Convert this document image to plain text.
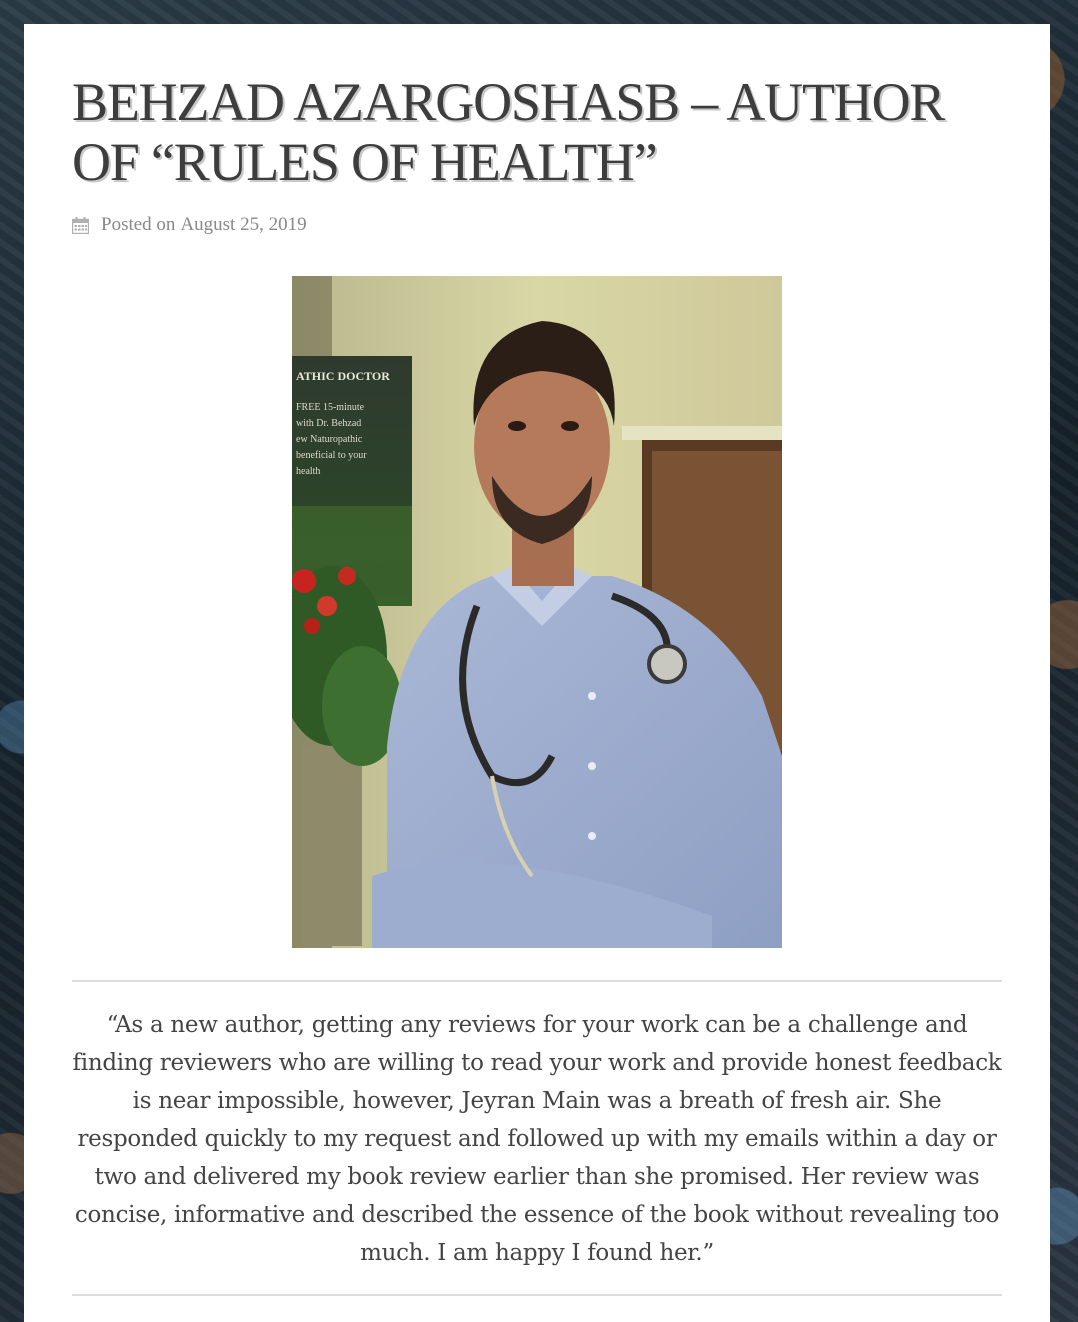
BEHZAD AZARGOSHASB – AUTHOR OF “RULES OF HEALTH”
Posted on August 25, 2019
ATHIC DOCTOR
FREE 15-minute
with Dr. Behzad
ew Naturopathic
beneficial to your
health

“As a new author, getting any reviews for your work can be a challenge and finding reviewers who are willing to read your work and provide honest feedback is near impossible, however, Jeyran Main was a breath of fresh air. She responded quickly to my request and followed up with my emails within a day or two and delivered my book review earlier than she promised. Her review was concise, informative and described the essence of the book without revealing too much. I am happy I found her.”
